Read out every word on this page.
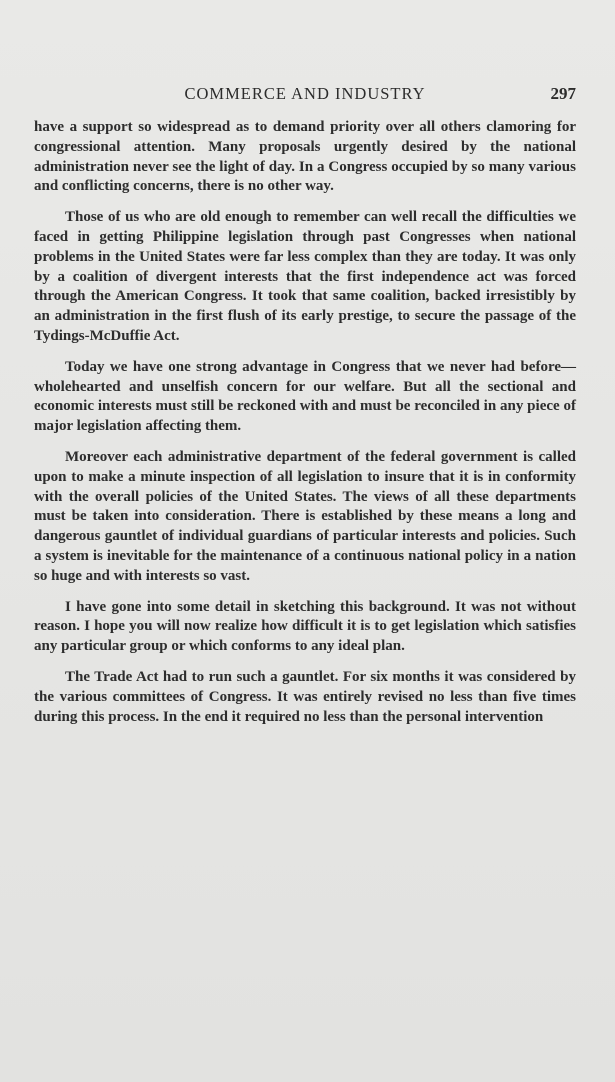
COMMERCE AND INDUSTRY	297

have a support so widespread as to demand priority over all others clamoring for congressional attention. Many proposals urgently desired by the national administration never see the light of day. In a Congress occupied by so many various and conflicting concerns, there is no other way.

Those of us who are old enough to remember can well recall the difficulties we faced in getting Philippine legislation through past Congresses when national problems in the United States were far less complex than they are today. It was only by a coalition of divergent interests that the first independence act was forced through the American Congress. It took that same coalition, backed irresistibly by an administration in the first flush of its early prestige, to secure the passage of the Tydings-McDuffie Act.

Today we have one strong advantage in Congress that we never had before—wholehearted and unselfish concern for our welfare. But all the sectional and economic interests must still be reckoned with and must be reconciled in any piece of major legislation affecting them.

Moreover each administrative department of the federal government is called upon to make a minute inspection of all legislation to insure that it is in conformity with the overall policies of the United States. The views of all these departments must be taken into consideration. There is established by these means a long and dangerous gauntlet of individual guardians of particular interests and policies. Such a system is inevitable for the maintenance of a continuous national policy in a nation so huge and with interests so vast.

I have gone into some detail in sketching this background. It was not without reason. I hope you will now realize how difficult it is to get legislation which satisfies any particular group or which conforms to any ideal plan.

The Trade Act had to run such a gauntlet. For six months it was considered by the various committees of Congress. It was entirely revised no less than five times during this process. In the end it required no less than the personal intervention
